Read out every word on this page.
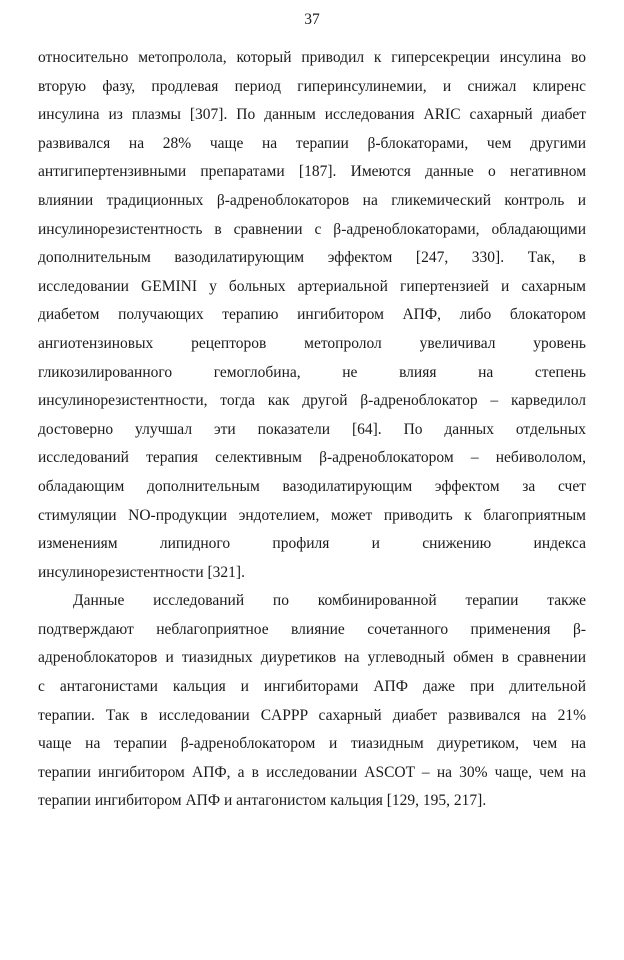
37
относительно метопролола, который приводил к гиперсекреции инсулина во
вторую фазу, продлевая период гиперинсулинемии, и снижал клиренс
инсулина из плазмы [307]. По данным исследования ARIC сахарный диабет
развивался на 28% чаще на терапии β-блокаторами, чем другими
антигипертензивными препаратами [187]. Имеются данные о негативном
влиянии традиционных β-адреноблокаторов на гликемический контроль и
инсулинорезистентность в сравнении с β-адреноблокаторами, обладающими
дополнительным вазодилатирующим эффектом [247, 330]. Так, в
исследовании GEMINI у больных артериальной гипертензией и сахарным
диабетом получающих терапию ингибитором АПФ, либо блокатором
ангиотензиновых рецепторов метопролол увеличивал уровень
гликозилированного гемоглобина, не влияя на степень
инсулинорезистентности, тогда как другой β-адреноблокатор – карведилол
достоверно улучшал эти показатели [64]. По данных отдельных
исследований терапия селективным β-адреноблокатором – небивололом,
обладающим дополнительным вазодилатирующим эффектом за счет
стимуляции NO-продукции эндотелием, может приводить к благоприятным
изменениям липидного профиля и снижению индекса
инсулинорезистентности [321].
Данные исследований по комбинированной терапии также
подтверждают неблагоприятное влияние сочетанного применения β-
адреноблокаторов и тиазидных диуретиков на углеводный обмен в сравнении
с антагонистами кальция и ингибиторами АПФ даже при длительной
терапии. Так в исследовании CAPPP сахарный диабет развивался на 21%
чаще на терапии β-адреноблокатором и тиазидным диуретиком, чем на
терапии ингибитором АПФ, а в исследовании ASCOT – на 30% чаще, чем на
терапии ингибитором АПФ и антагонистом кальция [129, 195, 217].
